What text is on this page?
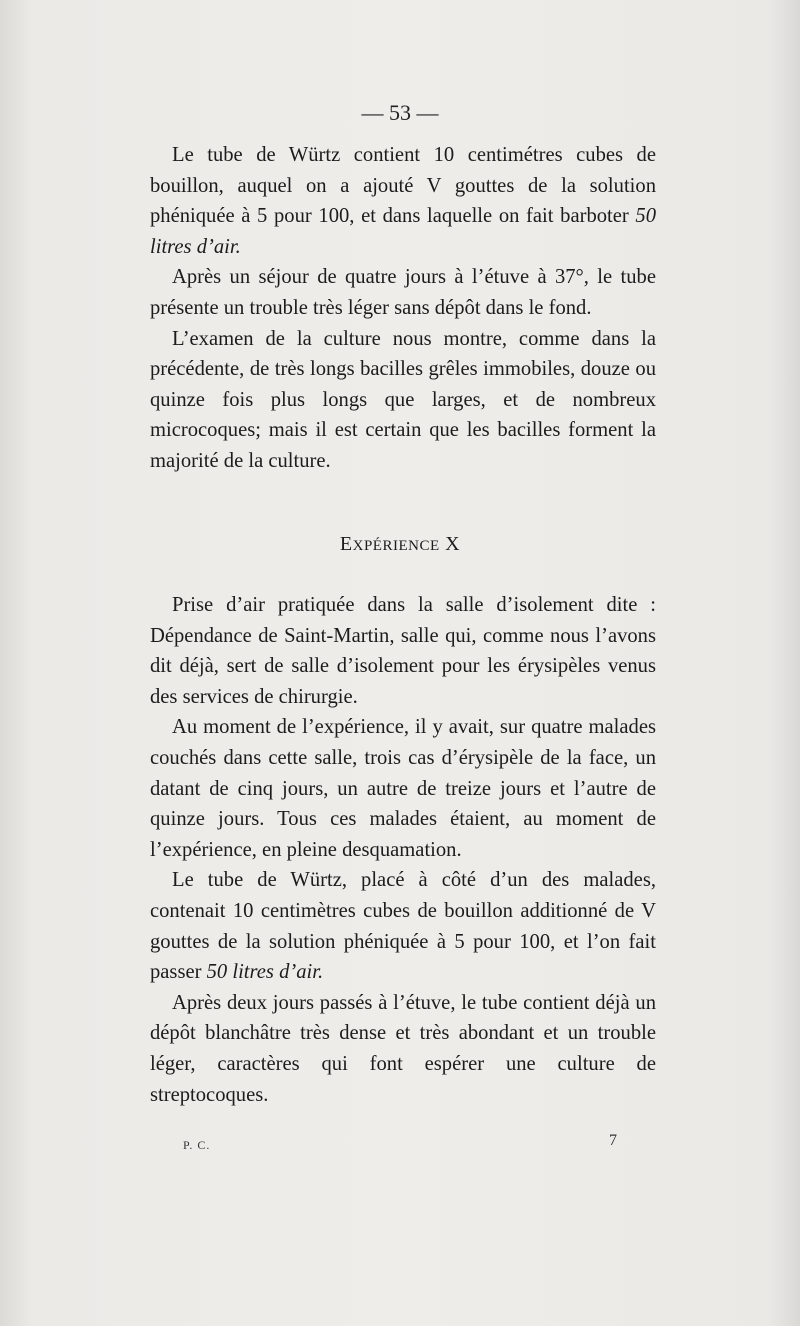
— 53 —

Le tube de Würtz contient 10 centimétres cubes de bouillon, auquel on a ajouté V gouttes de la solution phéniquée à 5 pour 100, et dans laquelle on fait barboter 50 litres d’air.

Après un séjour de quatre jours à l’étuve à 37°, le tube présente un trouble très léger sans dépôt dans le fond.

L’examen de la culture nous montre, comme dans la précédente, de très longs bacilles grêles immobiles, douze ou quinze fois plus longs que larges, et de nombreux microcoques; mais il est certain que les bacilles forment la majorité de la culture.

EXPÉRIENCE X

Prise d’air pratiquée dans la salle d’isolement dite : Dépendance de Saint-Martin, salle qui, comme nous l’avons dit déjà, sert de salle d’isolement pour les érysipèles venus des services de chirurgie.

Au moment de l’expérience, il y avait, sur quatre malades couchés dans cette salle, trois cas d’érysipèle de la face, un datant de cinq jours, un autre de treize jours et l’autre de quinze jours. Tous ces malades étaient, au moment de l’expérience, en pleine desquamation.

Le tube de Würtz, placé à côté d’un des malades, contenait 10 centimètres cubes de bouillon additionné de V gouttes de la solution phéniquée à 5 pour 100, et l’on fait passer 50 litres d’air.

Après deux jours passés à l’étuve, le tube contient déjà un dépôt blanchâtre très dense et très abondant et un trouble léger, caractères qui font espérer une culture de streptocoques.

P. C.	7
